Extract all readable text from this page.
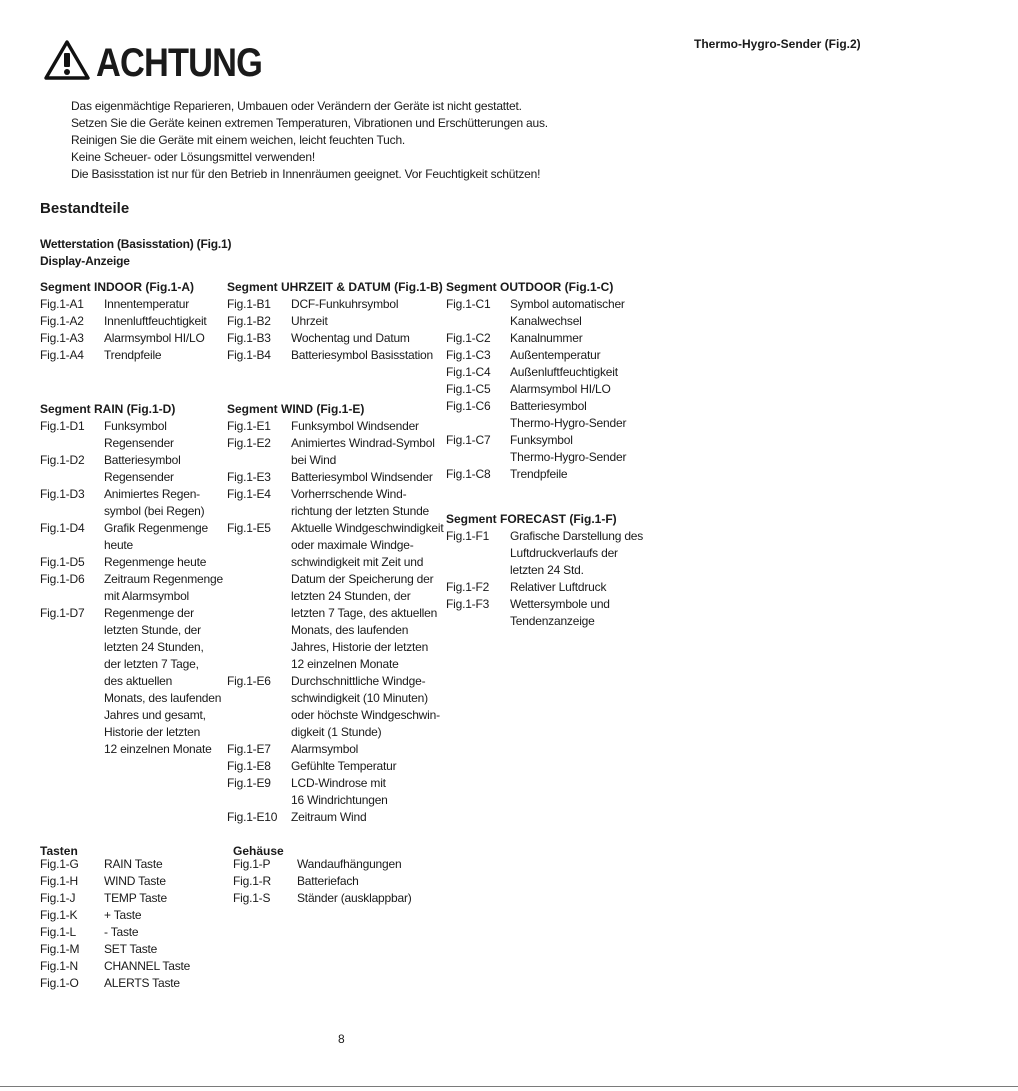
ACHTUNG	Thermo-Hygro-Sender (Fig.2)
Das eigenmächtige Reparieren, Umbauen oder Verändern der Geräte ist nicht gestattet.
Setzen Sie die Geräte keinen extremen Temperaturen, Vibrationen und Erschütterungen aus.
Reinigen Sie die Geräte mit einem weichen, leicht feuchten Tuch.
Keine Scheuer- oder Lösungsmittel verwenden!
Die Basisstation ist nur für den Betrieb in Innenräumen geeignet. Vor Feuchtigkeit schützen!
Bestandteile
Wetterstation (Basisstation) (Fig.1)
Display-Anzeige
Segment INDOOR (Fig.1-A)
Fig.1-A1 Innentemperatur
Fig.1-A2 Innenluftfeuchtigkeit
Fig.1-A3 Alarmsymbol HI/LO
Fig.1-A4 Trendpfeile
Segment UHRZEIT & DATUM (Fig.1-B)
Fig.1-B1 DCF-Funkuhrsymbol
Fig.1-B2 Uhrzeit
Fig.1-B3 Wochentag und Datum
Fig.1-B4 Batteriesymbol Basisstation
Segment OUTDOOR (Fig.1-C)
Fig.1-C1 Symbol automatischer
Kanalwechsel
Fig.1-C2 Kanalnummer
Fig.1-C3 Außentemperatur
Fig.1-C4 Außenluftfeuchtigkeit
Fig.1-C5 Alarmsymbol HI/LO
Fig.1-C6 Batteriesymbol
Thermo-Hygro-Sender
Fig.1-C7 Funksymbol
Thermo-Hygro-Sender
Fig.1-C8 Trendpfeile
Segment RAIN (Fig.1-D)
Fig.1-D1 Funksymbol
Regensender
Fig.1-D2 Batteriesymbol
Regensender
Fig.1-D3 Animiertes Regen-
symbol (bei Regen)
Fig.1-D4 Grafik Regenmenge
heute
Fig.1-D5 Regenmenge heute
Fig.1-D6 Zeitraum Regenmenge
mit Alarmsymbol
Fig.1-D7 Regenmenge der
letzten Stunde, der
letzten 24 Stunden,
der letzten 7 Tage,
des aktuellen
Monats, des laufenden
Jahres und gesamt,
Historie der letzten
12 einzelnen Monate
Segment WIND (Fig.1-E)
Fig.1-E1 Funksymbol Windsender
Fig.1-E2 Animiertes Windrad-Symbol
bei Wind
Fig.1-E3 Batteriesymbol Windsender
Fig.1-E4 Vorherrschende Wind-
richtung der letzten Stunde
Fig.1-E5 Aktuelle Windgeschwindigkeit
oder maximale Windge-
schwindigkeit mit Zeit und
Datum der Speicherung der
letzten 24 Stunden, der
letzten 7 Tage, des aktuellen
Monats, des laufenden
Jahres, Historie der letzten
12 einzelnen Monate
Fig.1-E6 Durchschnittliche Windge-
schwindigkeit (10 Minuten)
oder höchste Windgeschwin-
digkeit (1 Stunde)
Fig.1-E7 Alarmsymbol
Fig.1-E8 Gefühlte Temperatur
Fig.1-E9 LCD-Windrose mit
16 Windrichtungen
Fig.1-E10 Zeitraum Wind
Segment FORECAST (Fig.1-F)
Fig.1-F1 Grafische Darstellung des
Luftdruckverlaufs der
letzten 24 Std.
Fig.1-F2 Relativer Luftdruck
Fig.1-F3 Wettersymbole und
Tendenzanzeige
Tasten
Fig.1-G RAIN Taste
Fig.1-H WIND Taste
Fig.1-J TEMP Taste
Fig.1-K + Taste
Fig.1-L - Taste
Fig.1-M SET Taste
Fig.1-N CHANNEL Taste
Fig.1-O ALERTS Taste
Gehäuse
Fig.1-P Wandaufhängungen
Fig.1-R Batteriefach
Fig.1-S Ständer (ausklappbar)
8
